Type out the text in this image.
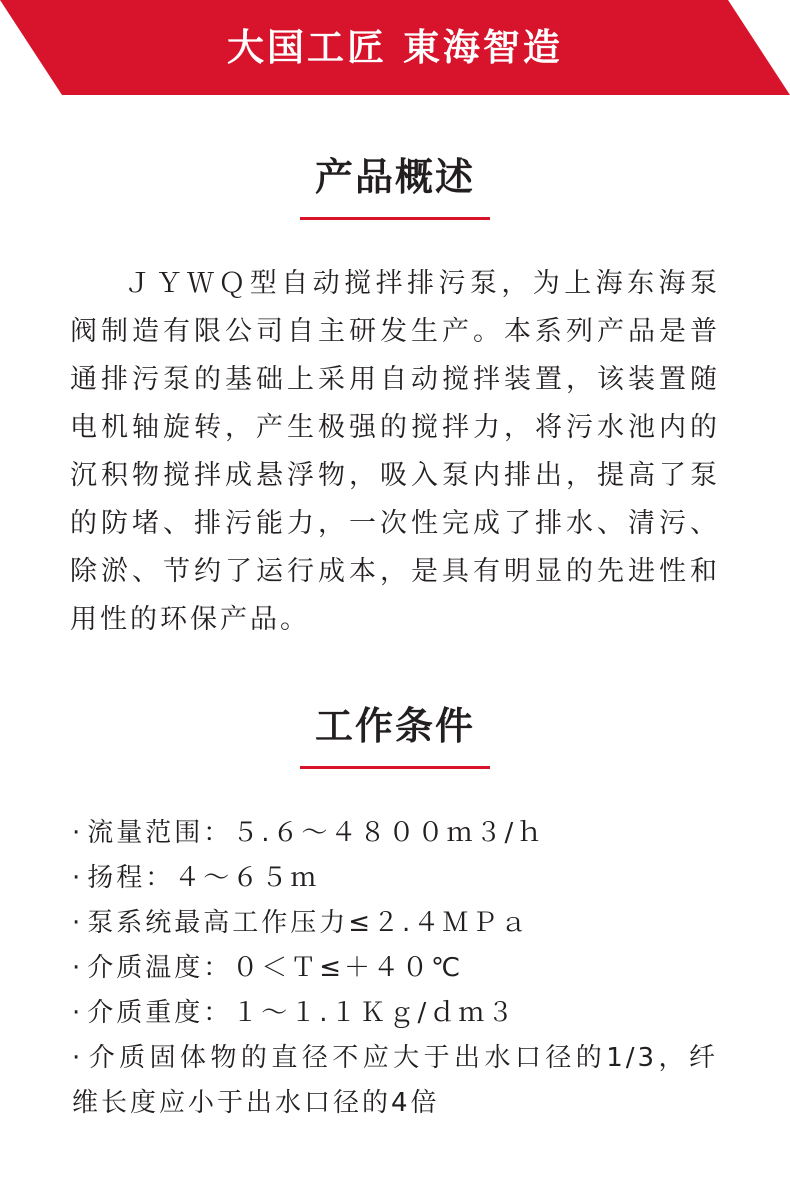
大国工匠 東海智造
产品概述

ＪＹＷＱ型自动搅拌排污泵，为上海东海泵阀制造有限公司自主研发生产。本系列产品是普通排污泵的基础上采用自动搅拌装置，该装置随电机轴旋转，产生极强的搅拌力，将污水池内的沉积物搅拌成悬浮物，吸入泵内排出，提高了泵的防堵、排污能力，一次性完成了排水、清污、除淤、节约了运行成本，是具有明显的先进性和用性的环保产品。

工作条件
· 流量范围：５.６～４８００ｍ３/ｈ
· 扬程：４～６５ｍ
· 泵系统最高工作压力≤２.４ＭＰａ
· 介质温度：０＜Ｔ≤＋４０℃
· 介质重度：１～１.１Ｋｇ/ｄｍ３
· 介质固体物的直径不应大于出水口径的1/3，纤维长度应小于出水口径的4倍
